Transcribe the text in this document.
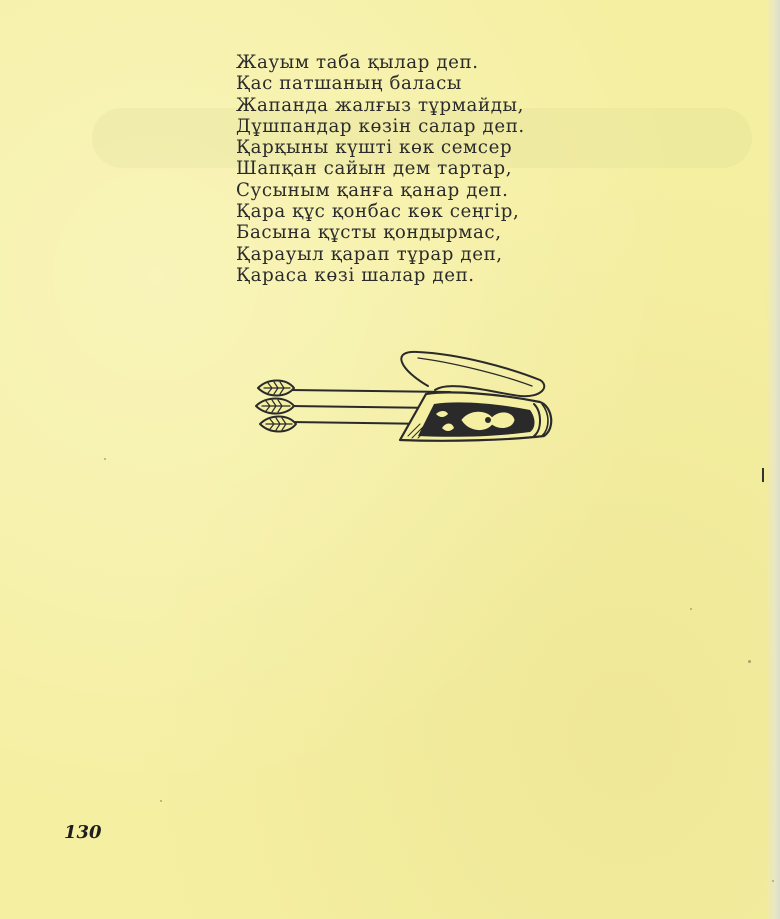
Жауым таба қылар деп.
Қас патшаның баласы
Жапанда жалғыз тұрмайды,
Дұшпандар көзін салар деп.
Қарқыны күшті көк семсер
Шапқан сайын дем тартар,
Сусыным қанға қанар деп.
Қара құс қонбас көк сеңгір,
Басына құсты қондырмас,
Қарауыл қарап тұрар деп,
Қараса көзі шалар деп.
130
